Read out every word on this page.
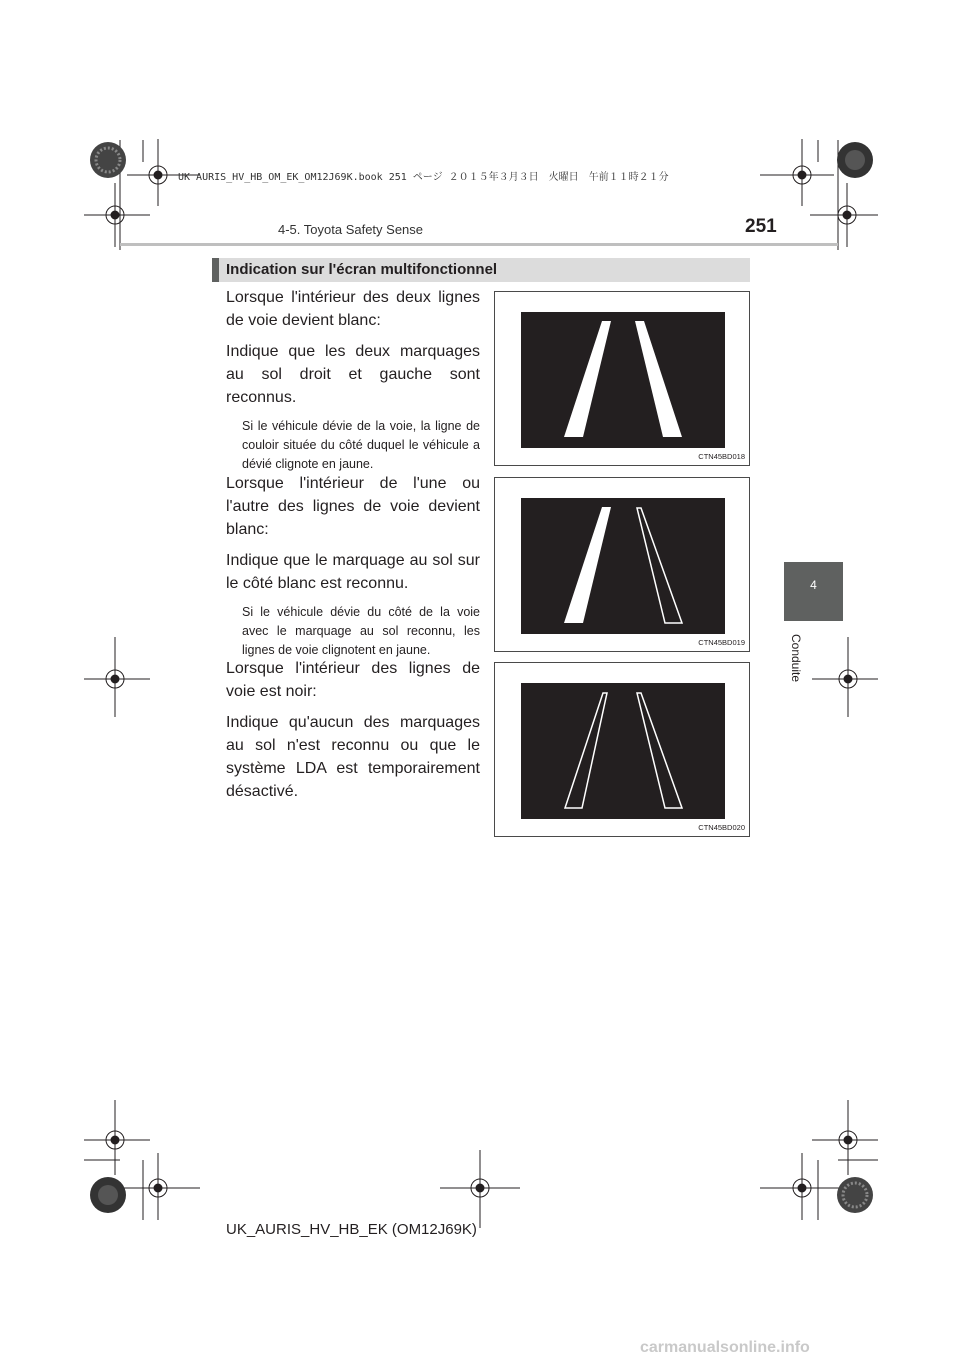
UK AURIS_HV_HB_OM_EK_OM12J69K.book 251 ページ ２０１５年３月３日　火曜日　午前１１時２１分
4-5. Toyota Safety Sense	251
Indication sur l'écran multifonctionnel
4
Conduite

Lorsque l'intérieur des deux lignes de voie devient blanc:

Indique que les deux marquages au sol droit et gauche sont reconnus.

Si le véhicule dévie de la voie, la ligne de couloir située du côté duquel le véhicule a dévié clignote en jaune.

CTN45BD018

Lorsque l'intérieur de l'une ou l'autre des lignes de voie devient blanc:

Indique que le marquage au sol sur le côté blanc est reconnu.

Si le véhicule dévie du côté de la voie avec le marquage au sol reconnu, les lignes de voie clignotent en jaune.

CTN45BD019

Lorsque l'intérieur des lignes de voie est noir:

Indique qu'aucun des marquages au sol n'est reconnu ou que le système LDA est temporairement désactivé.

CTN45BD020
UK_AURIS_HV_HB_EK (OM12J69K)
carmanualsonline.info
